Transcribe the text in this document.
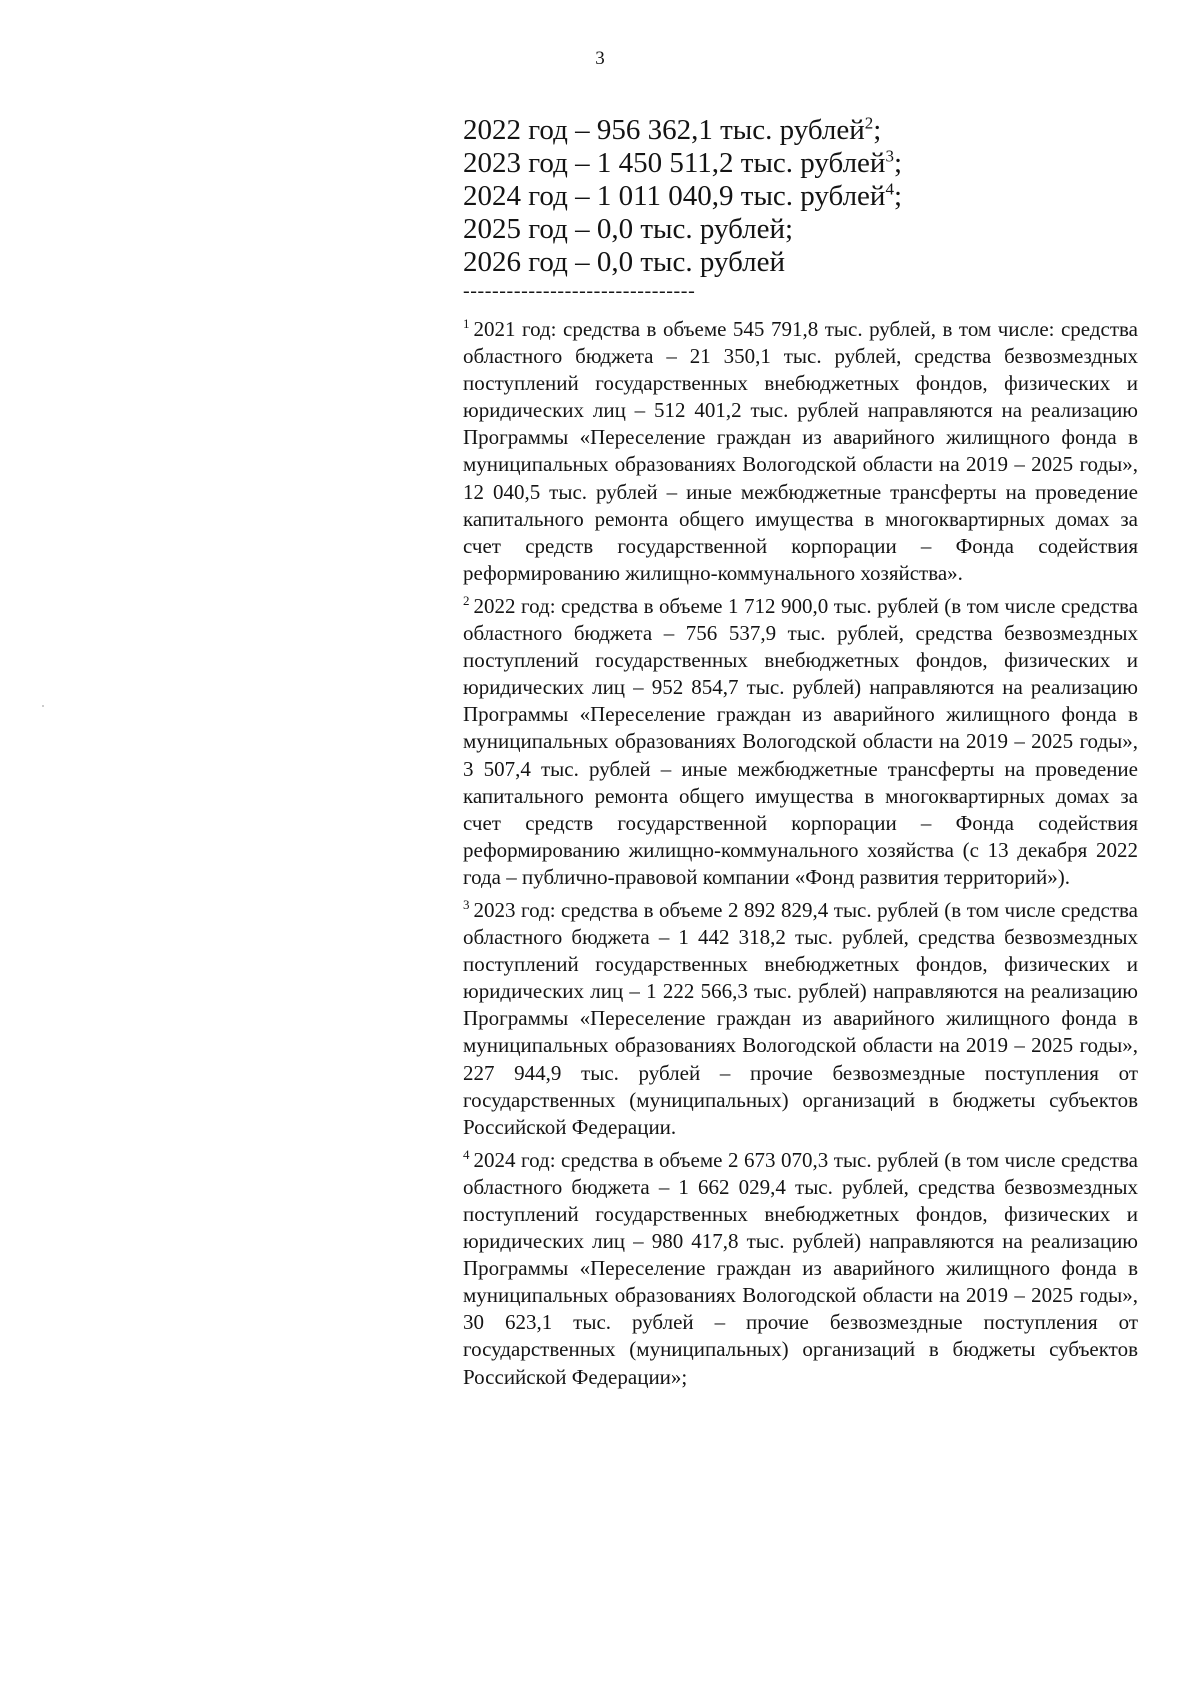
3
2022 год – 956 362,1 тыс. рублей$^2$;
2023 год – 1 450 511,2 тыс. рублей$^3$;
2024 год – 1 011 040,9 тыс. рублей$^4$;
2025 год – 0,0 тыс. рублей;
2026 год – 0,0 тыс. рублей
--------------------------------

$^1$ 2021 год: средства в объеме 545 791,8 тыс. рублей, в том числе: средства областного бюджета – 21 350,1 тыс. рублей, средства безвозмездных поступлений государственных внебюджетных фондов, физических и юридических лиц – 512 401,2 тыс. рублей направляются на реализацию Программы «Переселение граждан из аварийного жилищного фонда в муниципальных образованиях Вологодской области на 2019 – 2025 годы», 12 040,5 тыс. рублей – иные межбюджетные трансферты на проведение капитального ремонта общего имущества в многоквартирных домах за счет средств государственной корпорации – Фонда содействия реформированию жилищно-коммунального хозяйства».

$^2$ 2022 год: средства в объеме 1 712 900,0 тыс. рублей (в том числе средства областного бюджета – 756 537,9 тыс. рублей, средства безвозмездных поступлений государственных внебюджетных фондов, физических и юридических лиц – 952 854,7 тыс. рублей) направляются на реализацию Программы «Переселение граждан из аварийного жилищного фонда в муниципальных образованиях Вологодской области на 2019 – 2025 годы», 3 507,4 тыс. рублей – иные межбюджетные трансферты на проведение капитального ремонта общего имущества в многоквартирных домах за счет средств государственной корпорации – Фонда содействия реформированию жилищно-коммунального хозяйства (с 13 декабря 2022 года – публично-правовой компании «Фонд развития территорий»).

$^3$ 2023 год: средства в объеме 2 892 829,4 тыс. рублей (в том числе средства областного бюджета – 1 442 318,2 тыс. рублей, средства безвозмездных поступлений государственных внебюджетных фондов, физических и юридических лиц – 1 222 566,3 тыс. рублей) направляются на реализацию Программы «Переселение граждан из аварийного жилищного фонда в муниципальных образованиях Вологодской области на 2019 – 2025 годы», 227 944,9 тыс. рублей – прочие безвозмездные поступления от государственных (муниципальных) организаций в бюджеты субъектов Российской Федерации.

$^4$ 2024 год: средства в объеме 2 673 070,3 тыс. рублей (в том числе средства областного бюджета – 1 662 029,4 тыс. рублей, средства безвозмездных поступлений государственных внебюджетных фондов, физических и юридических лиц – 980 417,8 тыс. рублей) направляются на реализацию Программы «Переселение граждан из аварийного жилищного фонда в муниципальных образованиях Вологодской области на 2019 – 2025 годы», 30 623,1 тыс. рублей – прочие безвозмездные поступления от государственных (муниципальных) организаций в бюджеты субъектов Российской Федерации»;
